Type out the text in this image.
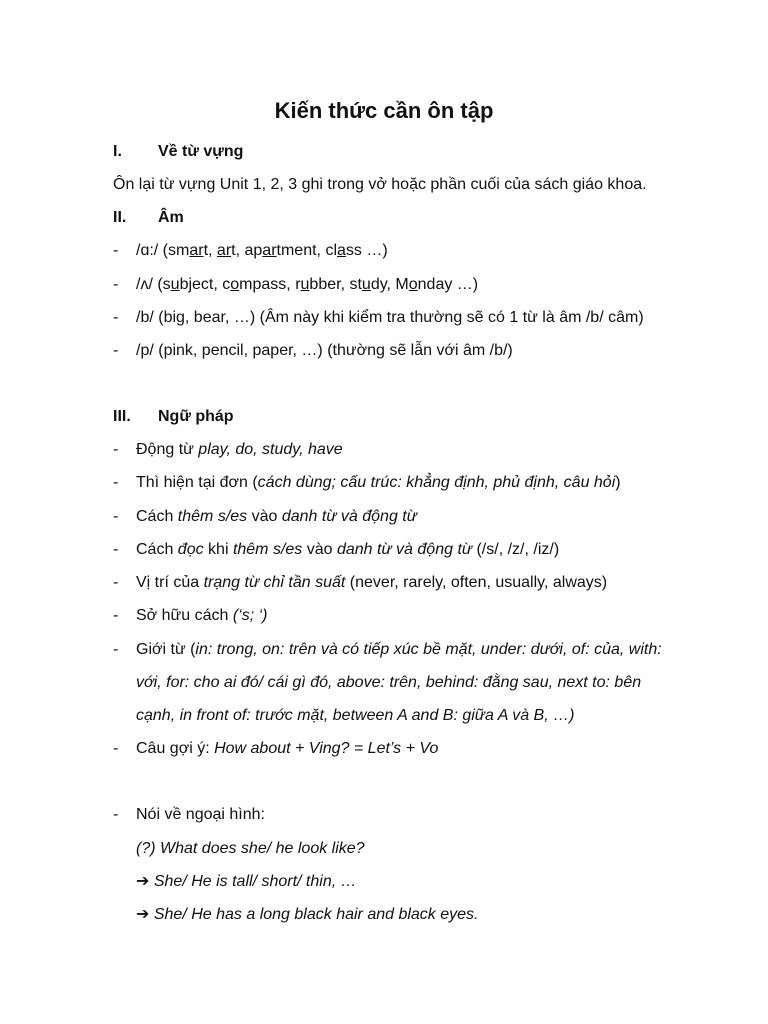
Kiến thức cần ôn tập
I. Về từ vựng
Ôn lại từ vựng Unit 1, 2, 3 ghi trong vở hoặc phần cuối của sách giáo khoa.
II. Âm
- /ɑ:/ (smart, art, apartment, class …)
- /ʌ/ (subject, compass, rubber, study, Monday …)
- /b/ (big, bear, …) (Âm này khi kiểm tra thường sẽ có 1 từ là âm /b/ câm)
- /p/ (pink, pencil, paper, …) (thường sẽ lẫn với âm /b/)
III. Ngữ pháp
- Động từ play, do, study, have
- Thì hiện tại đơn (cách dùng; cấu trúc: khẳng định, phủ định, câu hỏi)
- Cách thêm s/es vào danh từ và động từ
- Cách đọc khi thêm s/es vào danh từ và động từ (/s/, /z/, /iz/)
- Vị trí của trạng từ chỉ tần suất (never, rarely, often, usually, always)
- Sở hữu cách (‘s; ‘)
- Giới từ (in: trong, on: trên và có tiếp xúc bề mặt, under: dưới, of: của, with:
với, for: cho ai đó/ cái gì đó, above: trên, behind: đằng sau, next to: bên
cạnh, in front of: trước mặt, between A and B: giữa A và B, …)
- Câu gợi ý: How about + Ving? = Let’s + Vo
- Nói về ngoại hình:
(?) What does she/ he look like?
➔ She/ He is tall/ short/ thin, …
➔ She/ He has a long black hair and black eyes.
